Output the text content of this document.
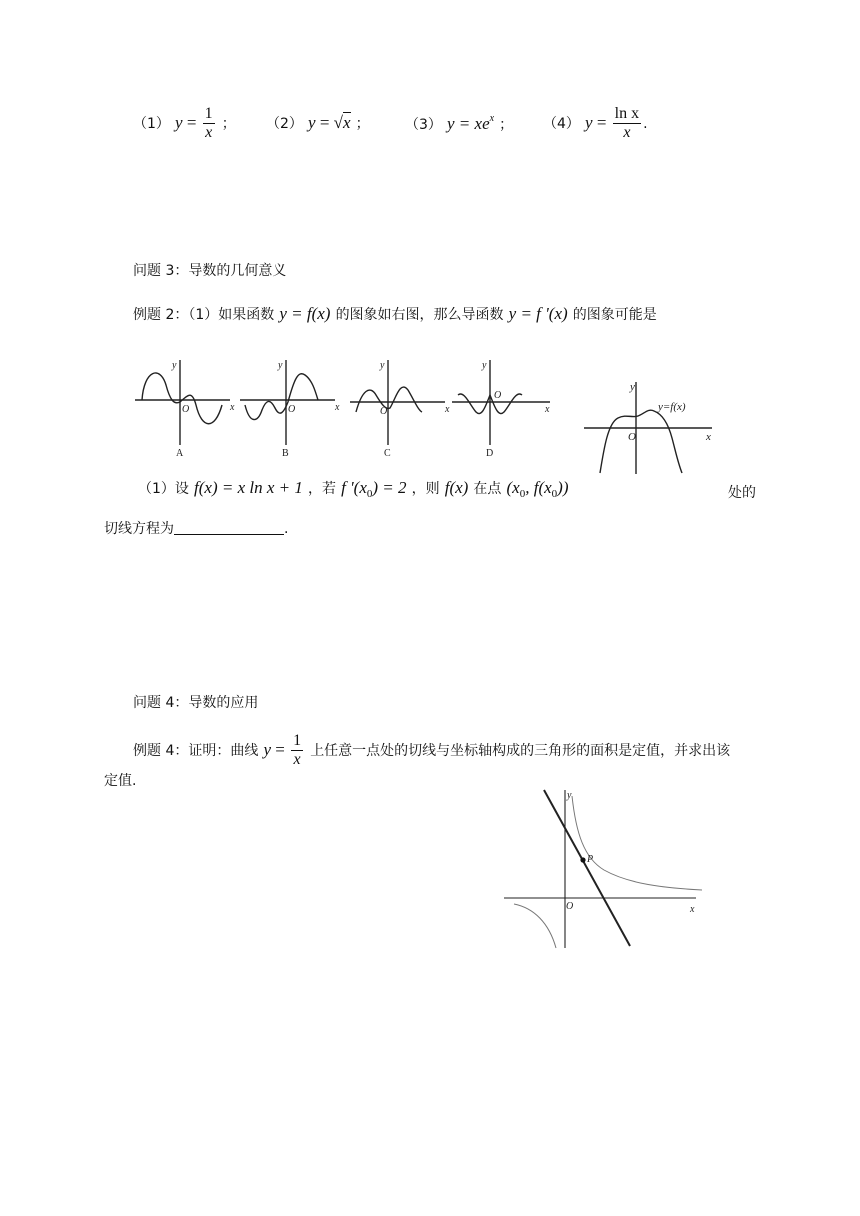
（1） $y = \frac{1}{x}$ ； （2） y = √x ；	（3） $y = xe^x$ ； （4） $y = \frac{\text{ln x}}{x}$ .
问题 3：导数的几何意义
例题 2：（1）如果函数 y = f(x) 的图象如右图，那么导函数 y = f '(x) 的图象可能是
y
x
O
y
x
O
y
x
O
y
x
O
A	B	C	D
y
x
O
y=f(x)
（1）设 f(x) = x ln x + 1 ，若 f '$(x_0) = 2$ ，则 f(x) 在点 ($x_0$, $f(x_0)$)	处的
切线方程为	.
问题 4：导数的应用
例题 4：证明：曲线 $y = \frac{1}{x}$ 上任意一点处的切线与坐标轴构成的三角形的面积是定值，并求出该
定值.
y
x
O
P
